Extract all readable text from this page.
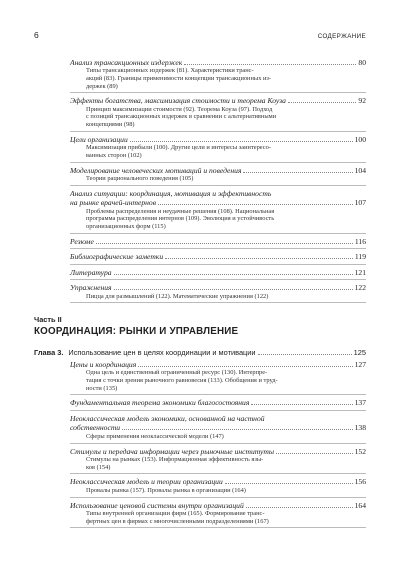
6	СОДЕРЖАНИЕ
Анализ трансакционных издержек	80
Типы трансакционных издержек (81). Характеристики транс-
акций (83). Границы применимости концепции трансакционных из-
держек (89)
Эффекты богатства, максимизация стоимости и теорема Коуза	92
Принцип максимизации стоимости (92). Теорема Коуза (97). Подход
с позиций трансакционных издержек в сравнении с альтернативными
концепциями (98)
Цели организации	100
Максимизация прибыли (100). Другие цели и интересы заинтересо-
ванных сторон (102)
Моделирование человеческих мотиваций и поведения	104
Теории рационального поведения (105)
Анализ ситуации: координация, мотивация и эффективность
на рынке врачей-интернов	107
Проблемы распределения и неудачные решения (108). Национальная
программа распределения интернов (109). Эволюция и устойчивость
организационных форм (115)
Резюме	116
Библиографические заметки	119
Литература	121
Упражнения	122
Пицца для размышлений (122). Математические упражнения (122)
Часть II
КООРДИНАЦИЯ: РЫНКИ И УПРАВЛЕНИЕ
Глава 3. Использование цен в целях координации и мотивации	125
Цены и координация	127
Одна цель и единственный ограниченный ресурс (130). Интерпре-
тация с точки зрения рыночного равновесия (133). Обобщения и труд-
ности (135)
Фундаментальная теорема экономики благосостояния	137
Неоклассическая модель экономики, основанной на частной
собственности	138
Сферы применения неоклассической модели (147)
Стимулы и передача информации через рыночные институты	152
Стимулы на рынках (153). Информационная эффективность язы-
ков (154)
Неоклассическая модель и теории организации	156
Провалы рынка (157). Провалы рынка в организации (164)
Использование ценовой системы внутри организаций	164
Типы внутренней организации фирм (165). Формирование транс-
фертных цен в фирмах с многочисленными подразделениями (167)
